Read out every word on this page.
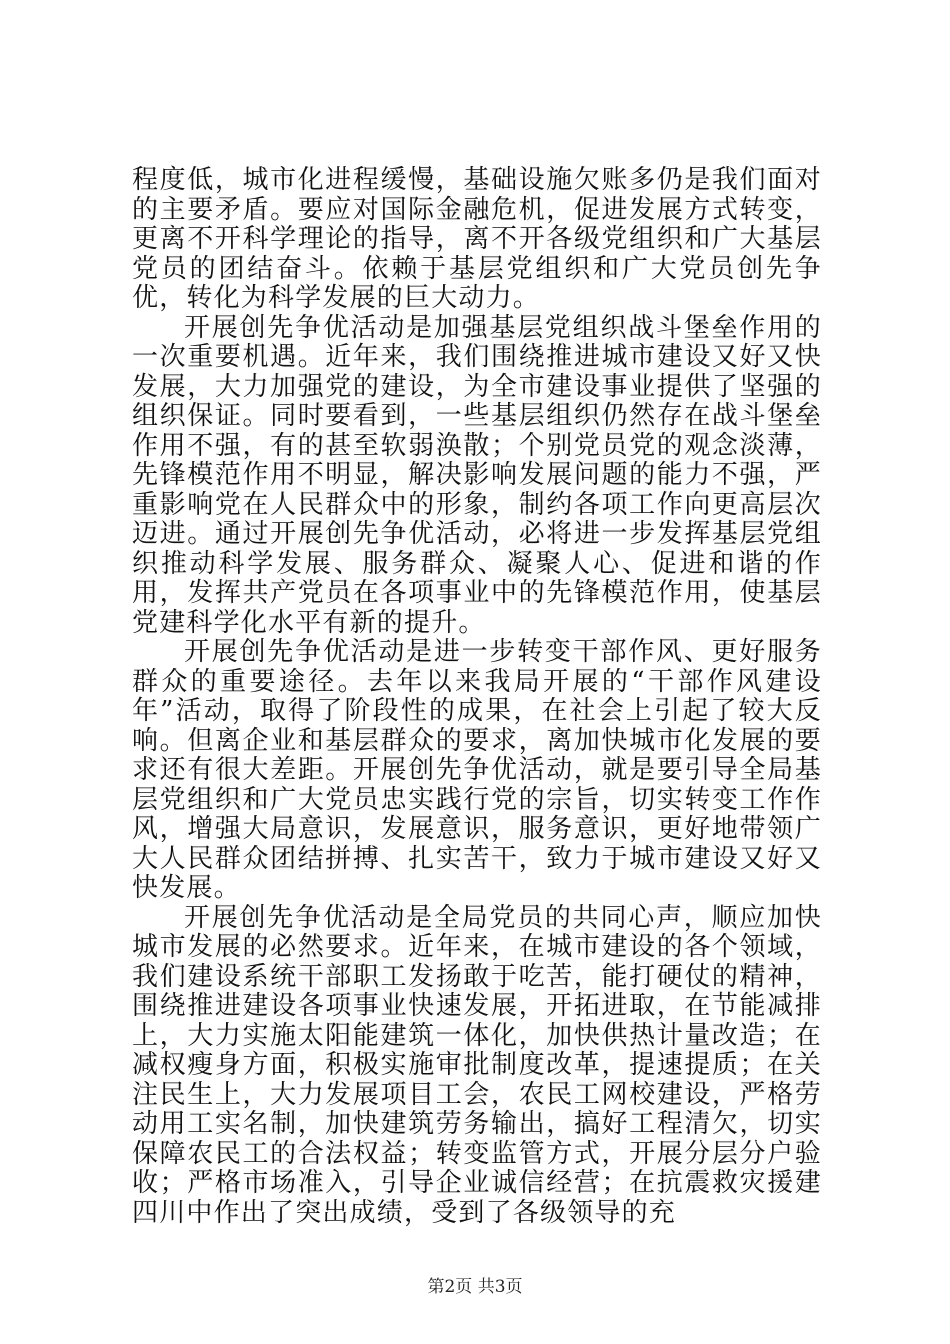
程度低，城市化进程缓慢，基础设施欠账多仍是我们面对的主要矛盾。要应对国际金融危机，促进发展方式转变，更离不开科学理论的指导，离不开各级党组织和广大基层党员的团结奋斗。依赖于基层党组织和广大党员创先争优，转化为科学发展的巨大动力。

开展创先争优活动是加强基层党组织战斗堡垒作用的一次重要机遇。近年来，我们围绕推进城市建设又好又快发展，大力加强党的建设，为全市建设事业提供了坚强的组织保证。同时要看到，一些基层组织仍然存在战斗堡垒作用不强，有的甚至软弱涣散；个别党员党的观念淡薄，先锋模范作用不明显，解决影响发展问题的能力不强，严重影响党在人民群众中的形象，制约各项工作向更高层次迈进。通过开展创先争优活动，必将进一步发挥基层党组织推动科学发展、服务群众、凝聚人心、促进和谐的作用，发挥共产党员在各项事业中的先锋模范作用，使基层党建科学化水平有新的提升。

开展创先争优活动是进一步转变干部作风、更好服务群众的重要途径。去年以来我局开展的“干部作风建设年”活动，取得了阶段性的成果，在社会上引起了较大反响。但离企业和基层群众的要求，离加快城市化发展的要求还有很大差距。开展创先争优活动，就是要引导全局基层党组织和广大党员忠实践行党的宗旨，切实转变工作作风，增强大局意识，发展意识，服务意识，更好地带领广大人民群众团结拼搏、扎实苦干，致力于城市建设又好又快发展。

开展创先争优活动是全局党员的共同心声，顺应加快城市发展的必然要求。近年来，在城市建设的各个领域，我们建设系统干部职工发扬敢于吃苦，能打硬仗的精神，围绕推进建设各项事业快速发展，开拓进取，在节能减排上，大力实施太阳能建筑一体化，加快供热计量改造；在减权瘦身方面，积极实施审批制度改革，提速提质；在关注民生上，大力发展项目工会，农民工网校建设，严格劳动用工实名制，加快建筑劳务输出，搞好工程清欠，切实保障农民工的合法权益；转变监管方式，开展分层分户验收；严格市场准入，引导企业诚信经营；在抗震救灾援建四川中作出了突出成绩，受到了各级领导的充

第2页 共3页
